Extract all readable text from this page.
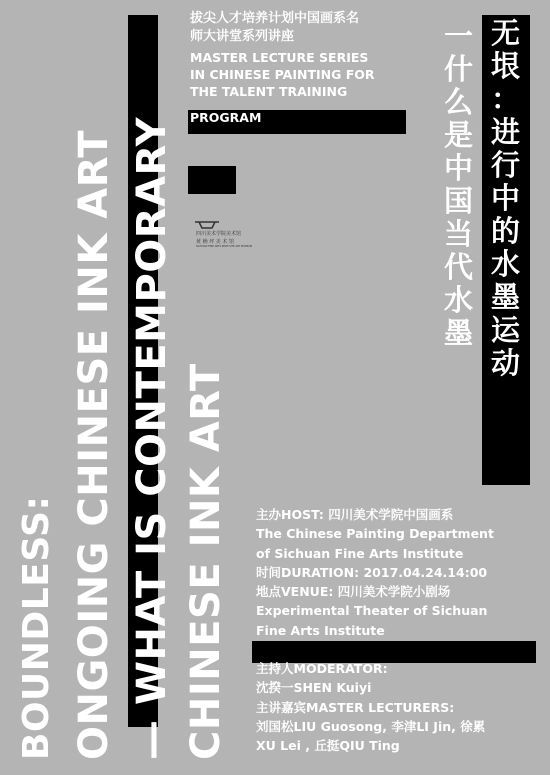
BOUNDLESS: ONGOING CHINESE INK ART — WHAT IS CONTEMPORARY CHINESE INK ART
拔尖人才培养计划中国画系名
师大讲堂系列讲座
MASTER LECTURE SERIES
IN CHINESE PAINTING FOR
THE TALENT TRAINING
PROGRAM
四川美术学院美术馆
黄 桷 坪 美 术 馆
SICHUAN FINE ARTS INSTITUTE ART MUSEUM
无
垠
：
进
行
中
的
水
墨
运
动
一
什
么
是
中
国
当
代
水
墨
主办HOST: 四川美术学院中国画系
The Chinese Painting Department
of Sichuan Fine Arts Institute
时间DURATION: 2017.04.24.14:00
地点VENUE: 四川美术学院小剧场
Experimental Theater of Sichuan
Fine Arts Institute
主持人MODERATOR:
沈揆一SHEN Kuiyi
主讲嘉宾MASTER LECTURERS:
刘国松LIU Guosong, 李津LI Jin, 徐累
XU Lei , 丘挺QIU Ting
